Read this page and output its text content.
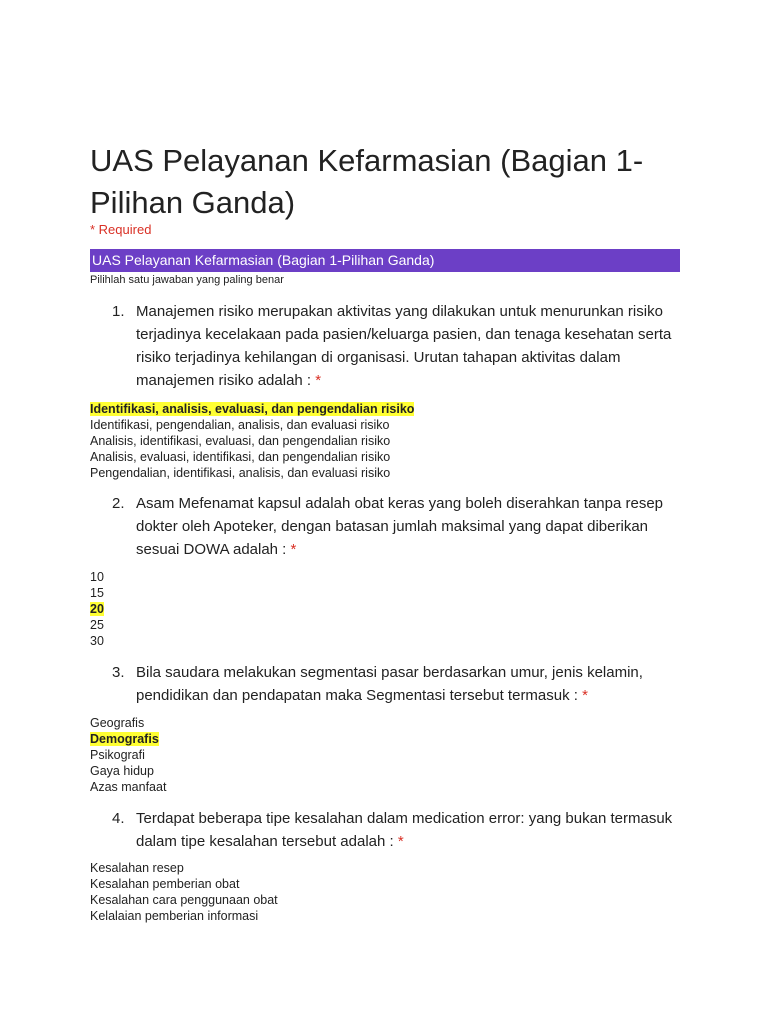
UAS Pelayanan Kefarmasian (Bagian 1-Pilihan Ganda)
* Required
UAS Pelayanan Kefarmasian (Bagian 1-Pilihan Ganda)
Pilihlah satu jawaban yang paling benar
1. Manajemen risiko merupakan aktivitas yang dilakukan untuk menurunkan risiko terjadinya kecelakaan pada pasien/keluarga pasien, dan tenaga kesehatan serta risiko terjadinya kehilangan di organisasi. Urutan tahapan aktivitas dalam manajemen risiko adalah : *
Identifikasi, analisis, evaluasi, dan pengendalian risiko
Identifikasi, pengendalian, analisis, dan evaluasi risiko
Analisis, identifikasi, evaluasi, dan pengendalian risiko
Analisis, evaluasi, identifikasi, dan pengendalian risiko
Pengendalian, identifikasi, analisis, dan evaluasi risiko
2. Asam Mefenamat kapsul adalah obat keras yang boleh diserahkan tanpa resep dokter oleh Apoteker, dengan batasan jumlah maksimal yang dapat diberikan sesuai DOWA adalah : *
10
15
20
25
30
3. Bila saudara melakukan segmentasi pasar berdasarkan umur, jenis kelamin, pendidikan dan pendapatan maka Segmentasi tersebut termasuk : *
Geografis
Demografis
Psikografi
Gaya hidup
Azas manfaat
4. Terdapat beberapa tipe kesalahan dalam medication error: yang bukan termasuk dalam tipe kesalahan tersebut adalah : *
Kesalahan resep
Kesalahan pemberian obat
Kesalahan cara penggunaan obat
Kelalaian pemberian informasi
